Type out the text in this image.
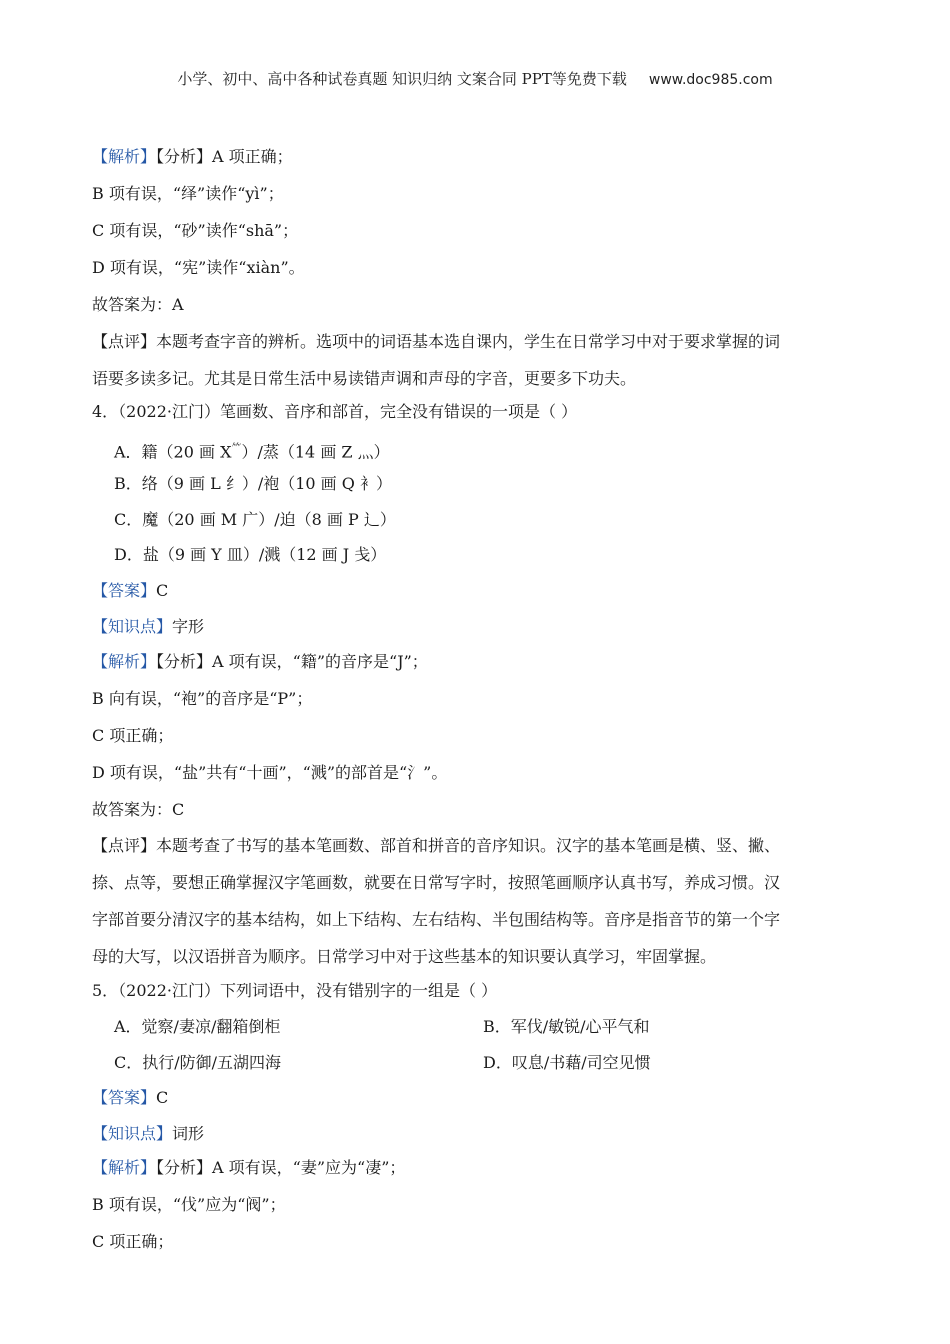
小学、初中、高中各种试卷真题 知识归纳 文案合同 PPT等免费下载 www.doc985.com
【解析】【分析】A 项正确；
B 项有误，“绎”读作“yì”；
C 项有误，“砂”读作“shā”；
D 项有误，“宪”读作“xiàn”。
故答案为：A
【点评】本题考查字音的辨析。选项中的词语基本选自课内，学生在日常学习中对于要求掌握的词
语要多读多记。尤其是日常生活中易读错声调和声母的字音，更要多下功夫。
4．（2022·江门）笔画数、音序和部首，完全没有错误的一项是（ ）
A．籍（20 画 X⺮）/蒸（14 画 Z 灬）
B．络（9 画 L 纟）/袍（10 画 Q 衤）
C．魔（20 画 M 广）/迫（8 画 P 辶）
D．盐（9 画 Y 皿）/溅（12 画 J 戋）
【答案】C
【知识点】字形
【解析】【分析】A 项有误，“籍”的音序是“J”；
B 向有误，“袍”的音序是“P”；
C 项正确；
D 项有误，“盐”共有“十画”，“溅”的部首是“氵”。
故答案为：C
【点评】本题考查了书写的基本笔画数、部首和拼音的音序知识。汉字的基本笔画是横、竖、撇、
捺、点等，要想正确掌握汉字笔画数，就要在日常写字时，按照笔画顺序认真书写，养成习惯。汉
字部首要分清汉字的基本结构，如上下结构、左右结构、半包围结构等。音序是指音节的第一个字
母的大写，以汉语拼音为顺序。日常学习中对于这些基本的知识要认真学习，牢固掌握。
5．（2022·江门）下列词语中，没有错别字的一组是（ ）
A．觉察/妻凉/翻箱倒柜	B．军伐/敏锐/心平气和
C．执行/防御/五湖四海	D．叹息/书藉/司空见惯
【答案】C
【知识点】词形
【解析】【分析】A 项有误，“妻”应为“凄”；
B 项有误，“伐”应为“阀”；
C 项正确；
